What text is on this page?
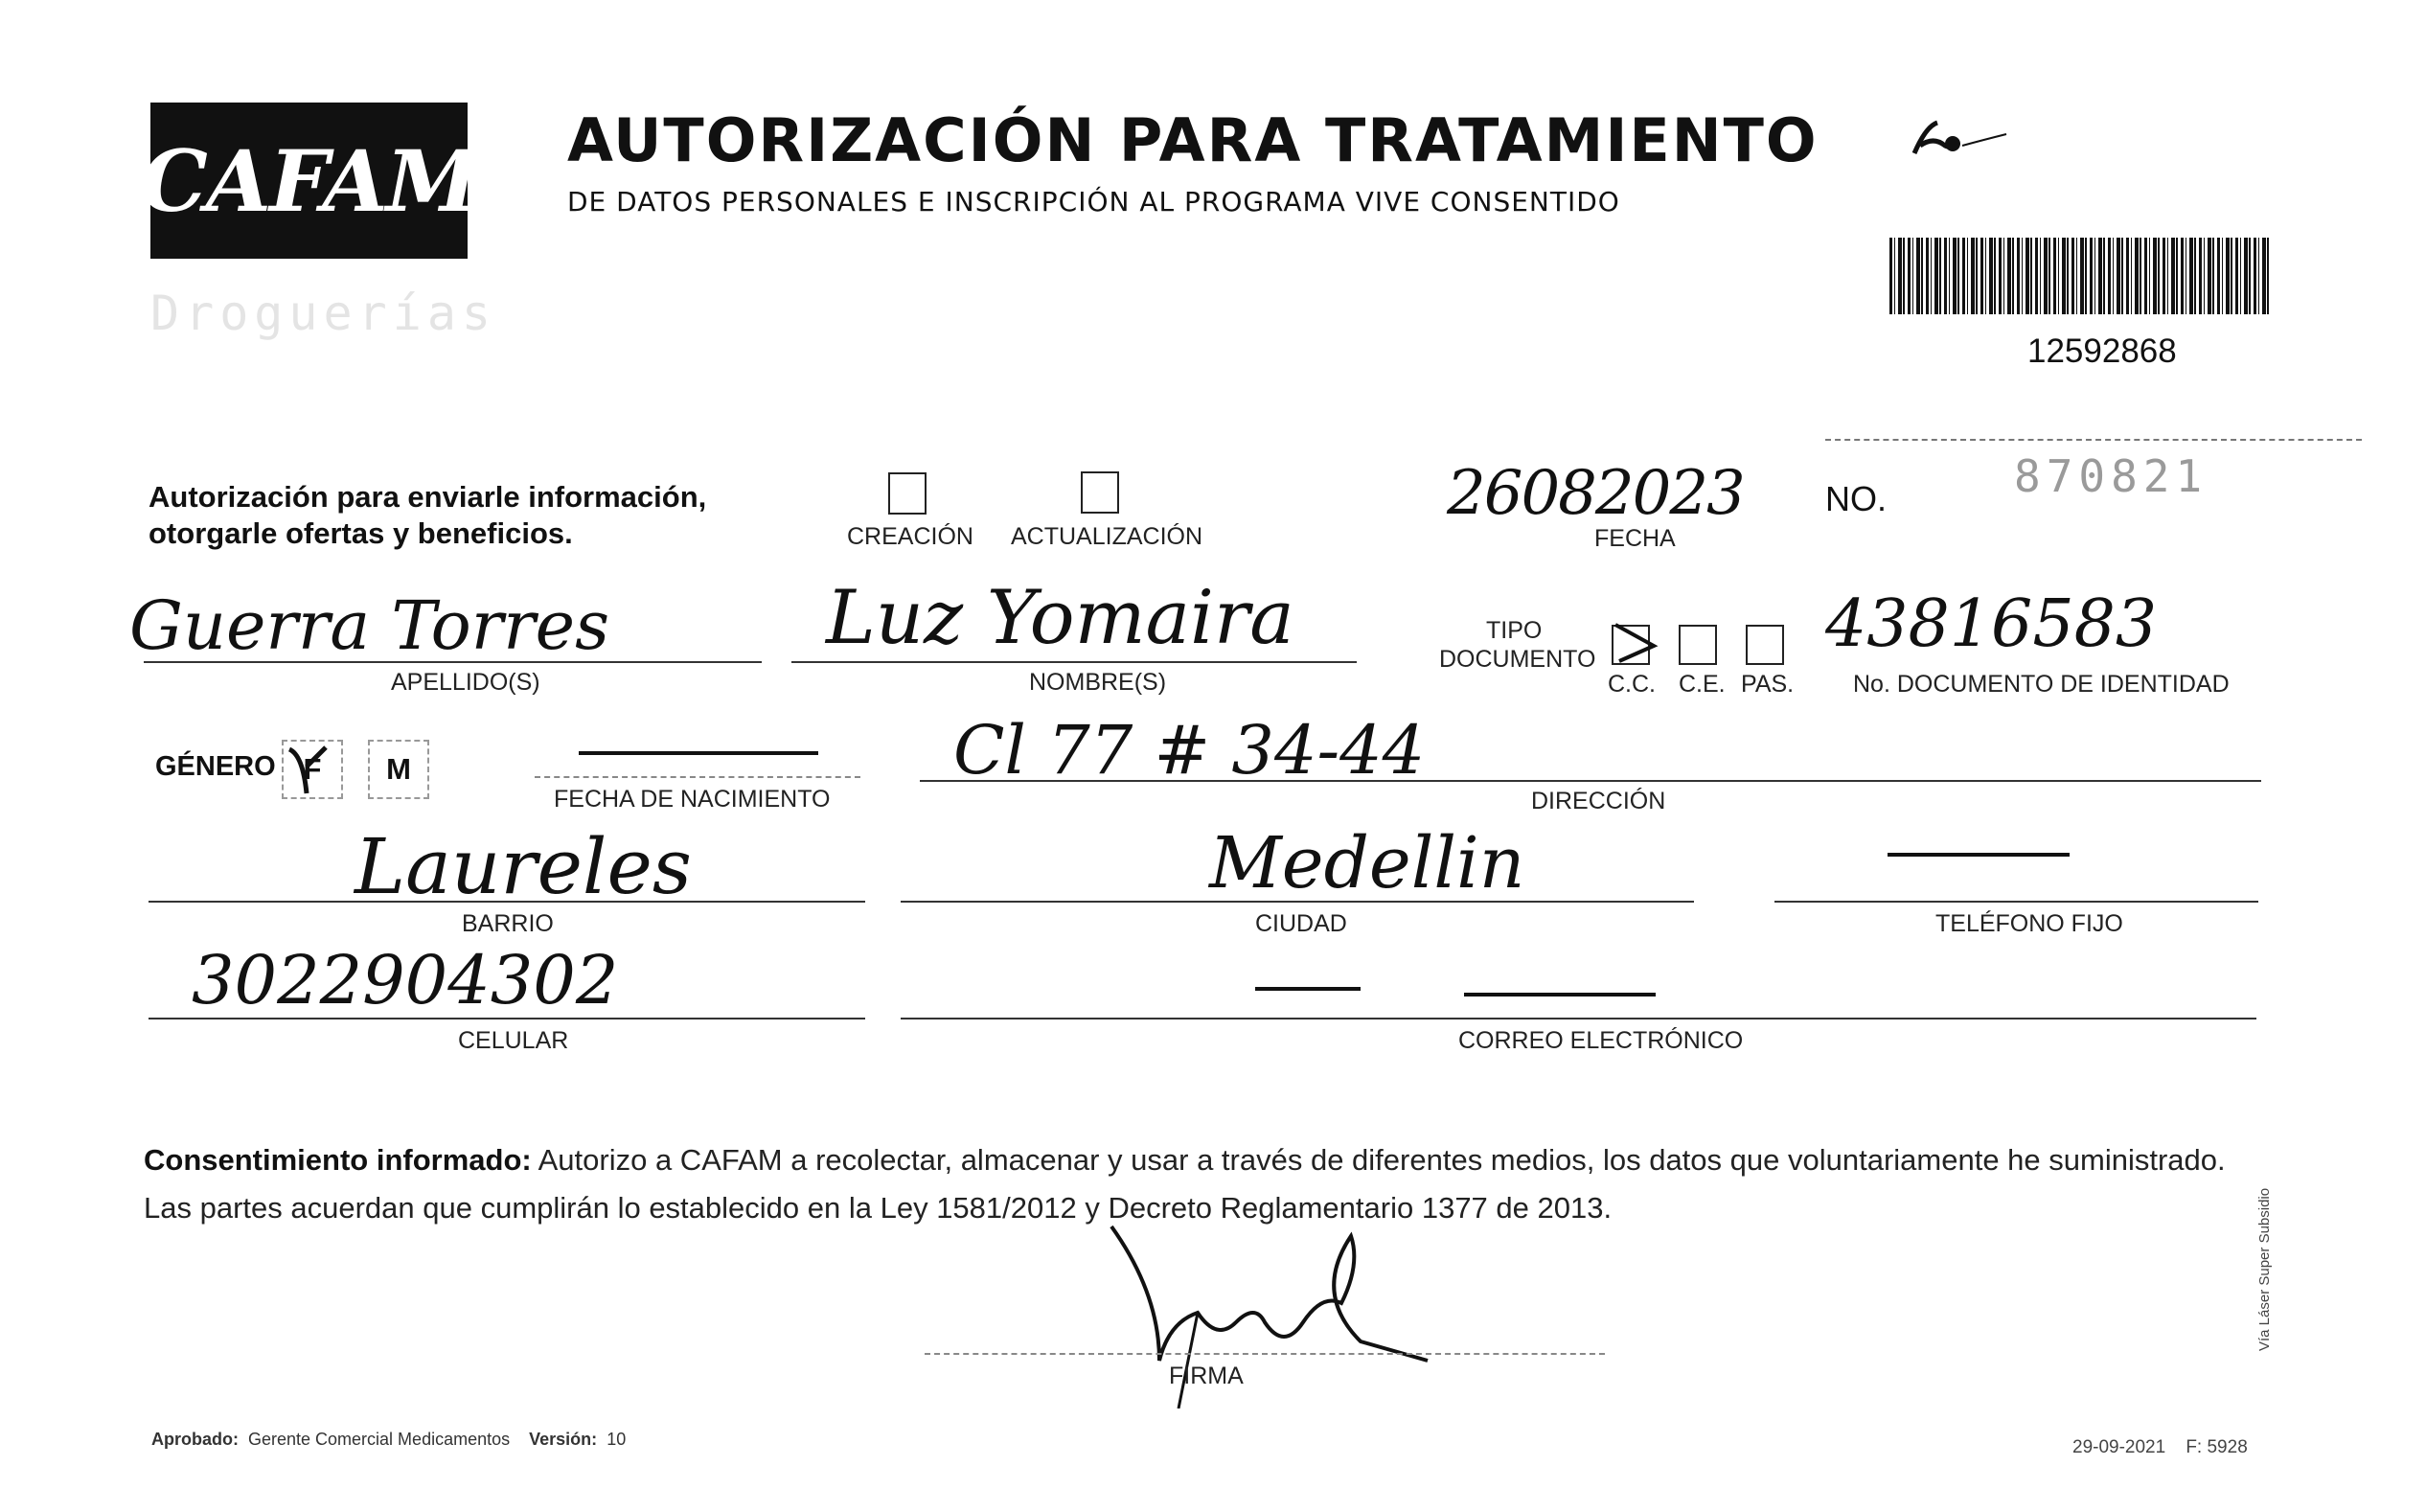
CAFAM
Droguerías
AUTORIZACIÓN PARA TRATAMIENTO
DE DATOS PERSONALES E INSCRIPCIÓN AL PROGRAMA VIVE CONSENTIDO
12592868
Autorización para enviarle información,
otorgarle ofertas y beneficios.	CREACIÓN ACTUALIZACIÓN
26082023
FECHA
NO.	870821
Guerra Torres
APELLIDO(S)
Luz Yomaira
NOMBRE(S)
TIPO
DOCUMENTO
C.C. C.E. PAS.
43816583
No. DOCUMENTO DE IDENTIDAD
GÉNERO F M
FECHA DE NACIMIENTO
Cl 77 # 34-44
DIRECCIÓN
Laureles
BARRIO
Medellin
CIUDAD	TELÉFONO FIJO
3022904302
CELULAR	CORREO ELECTRÓNICO
Consentimiento informado: Autorizo a CAFAM a recolectar, almacenar y usar a través de diferentes medios, los datos que voluntariamente he suministrado.
Las partes acuerdan que cumplirán lo establecido en la Ley 1581/2012 y Decreto Reglamentario 1377 de 2013.
FIRMA
Aprobado: Gerente Comercial Medicamentos Versión: 10	29-09-2021 F: 5928
Vía Láser Super Subsidio
